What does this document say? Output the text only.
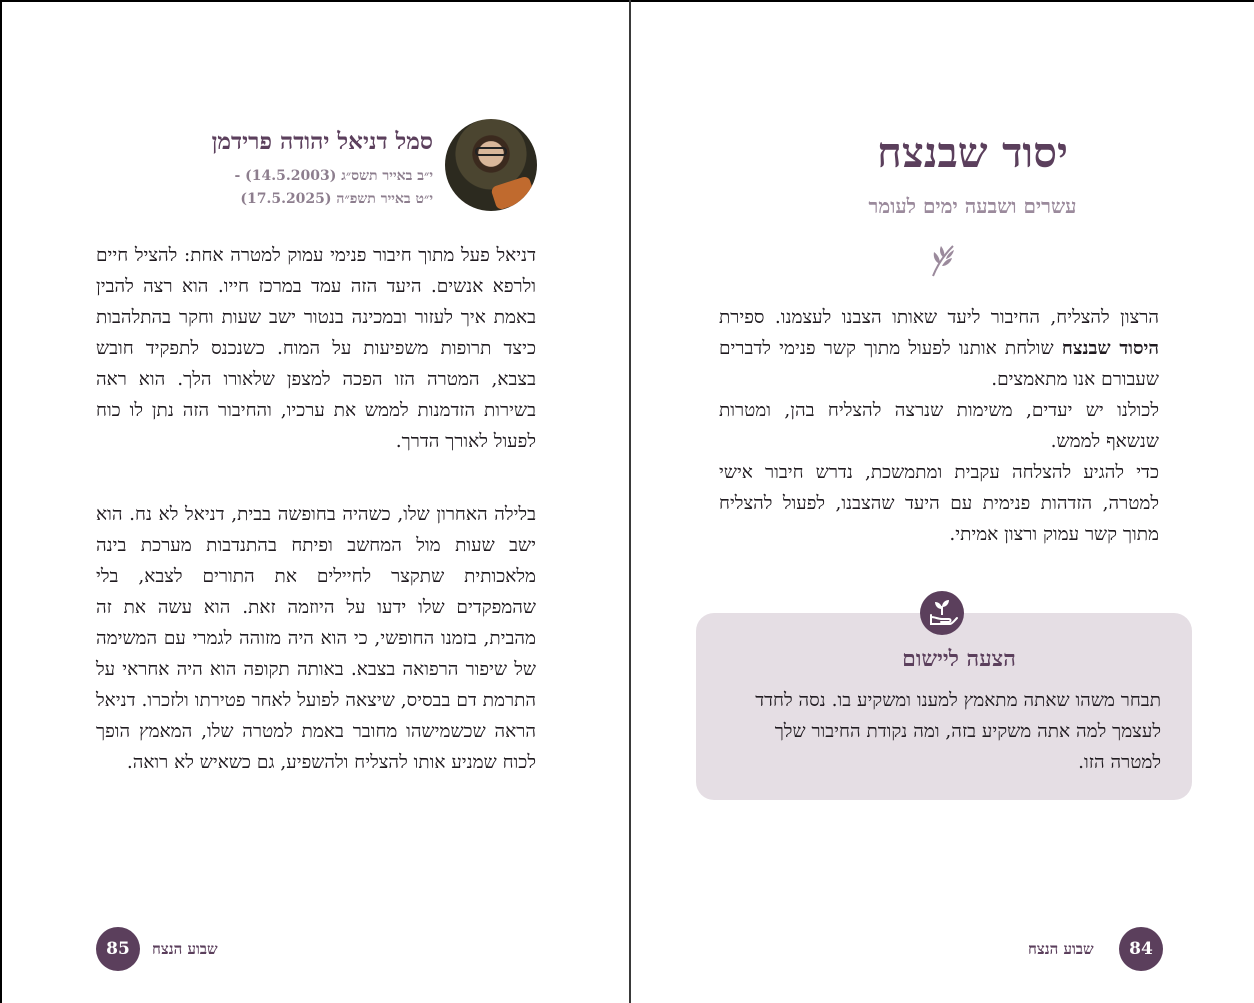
סמל דניאל יהודה פרידמן
י״ב באייר תשס״ג (14.5.2003) -
י״ט באייר תשפ״ה (17.5.2025)
דניאל פעל מתוך חיבור פנימי עמוק למטרה אחת: להציל חיים ולרפא אנשים. היעד הזה עמד במרכז חייו. הוא רצה להבין באמת איך לעזור ובמכינה בנטור ישב שעות וחקר בהתלהבות כיצד תרופות משפיעות על המוח. כשנכנס לתפקיד חובש בצבא, המטרה הזו הפכה למצפן שלאורו הלך. הוא ראה בשירות הזדמנות לממש את ערכיו, והחיבור הזה נתן לו כוח לפעול לאורך הדרך.
בלילה האחרון שלו, כשהיה בחופשה בבית, דניאל לא נח. הוא ישב שעות מול המחשב ופיתח בהתנדבות מערכת בינה מלאכותית שתקצר לחיילים את התורים לצבא, בלי שהמפקדים שלו ידעו על היוזמה זאת. הוא עשה את זה מהבית, בזמנו החופשי, כי הוא היה מזוהה לגמרי עם המשימה של שיפור הרפואה בצבא. באותה תקופה הוא היה אחראי על התרמת דם בבסיס, שיצאה לפועל לאחר פטירתו ולזכרו. דניאל הראה שכשמישהו מחובר באמת למטרה שלו, המאמץ הופך לכוח שמניע אותו להצליח ולהשפיע, גם כשאיש לא רואה.
85	שבוע הנצח
יסוד שבנצח
עשרים ושבעה ימים לעומר

הרצון להצליח, החיבור ליעד שאותו הצבנו לעצמנו. ספירת היסוד שבנצח שולחת אותנו לפעול מתוך קשר פנימי לדברים שעבורם אנו מתאמצים.

לכולנו יש יעדים, משימות שנרצה להצליח בהן, ומטרות שנשאף לממש.

כדי להגיע להצלחה עקבית ומתמשכת, נדרש חיבור אישי למטרה, הזדהות פנימית עם היעד שהצבנו, לפעול להצליח מתוך קשר עמוק ורצון אמיתי.

הצעה ליישום
תבחר משהו שאתה מתאמץ למענו ומשקיע בו. נסה לחדד לעצמך למה אתה משקיע בזה, ומה נקודת החיבור שלך למטרה הזו.
84
שבוע הנצח
